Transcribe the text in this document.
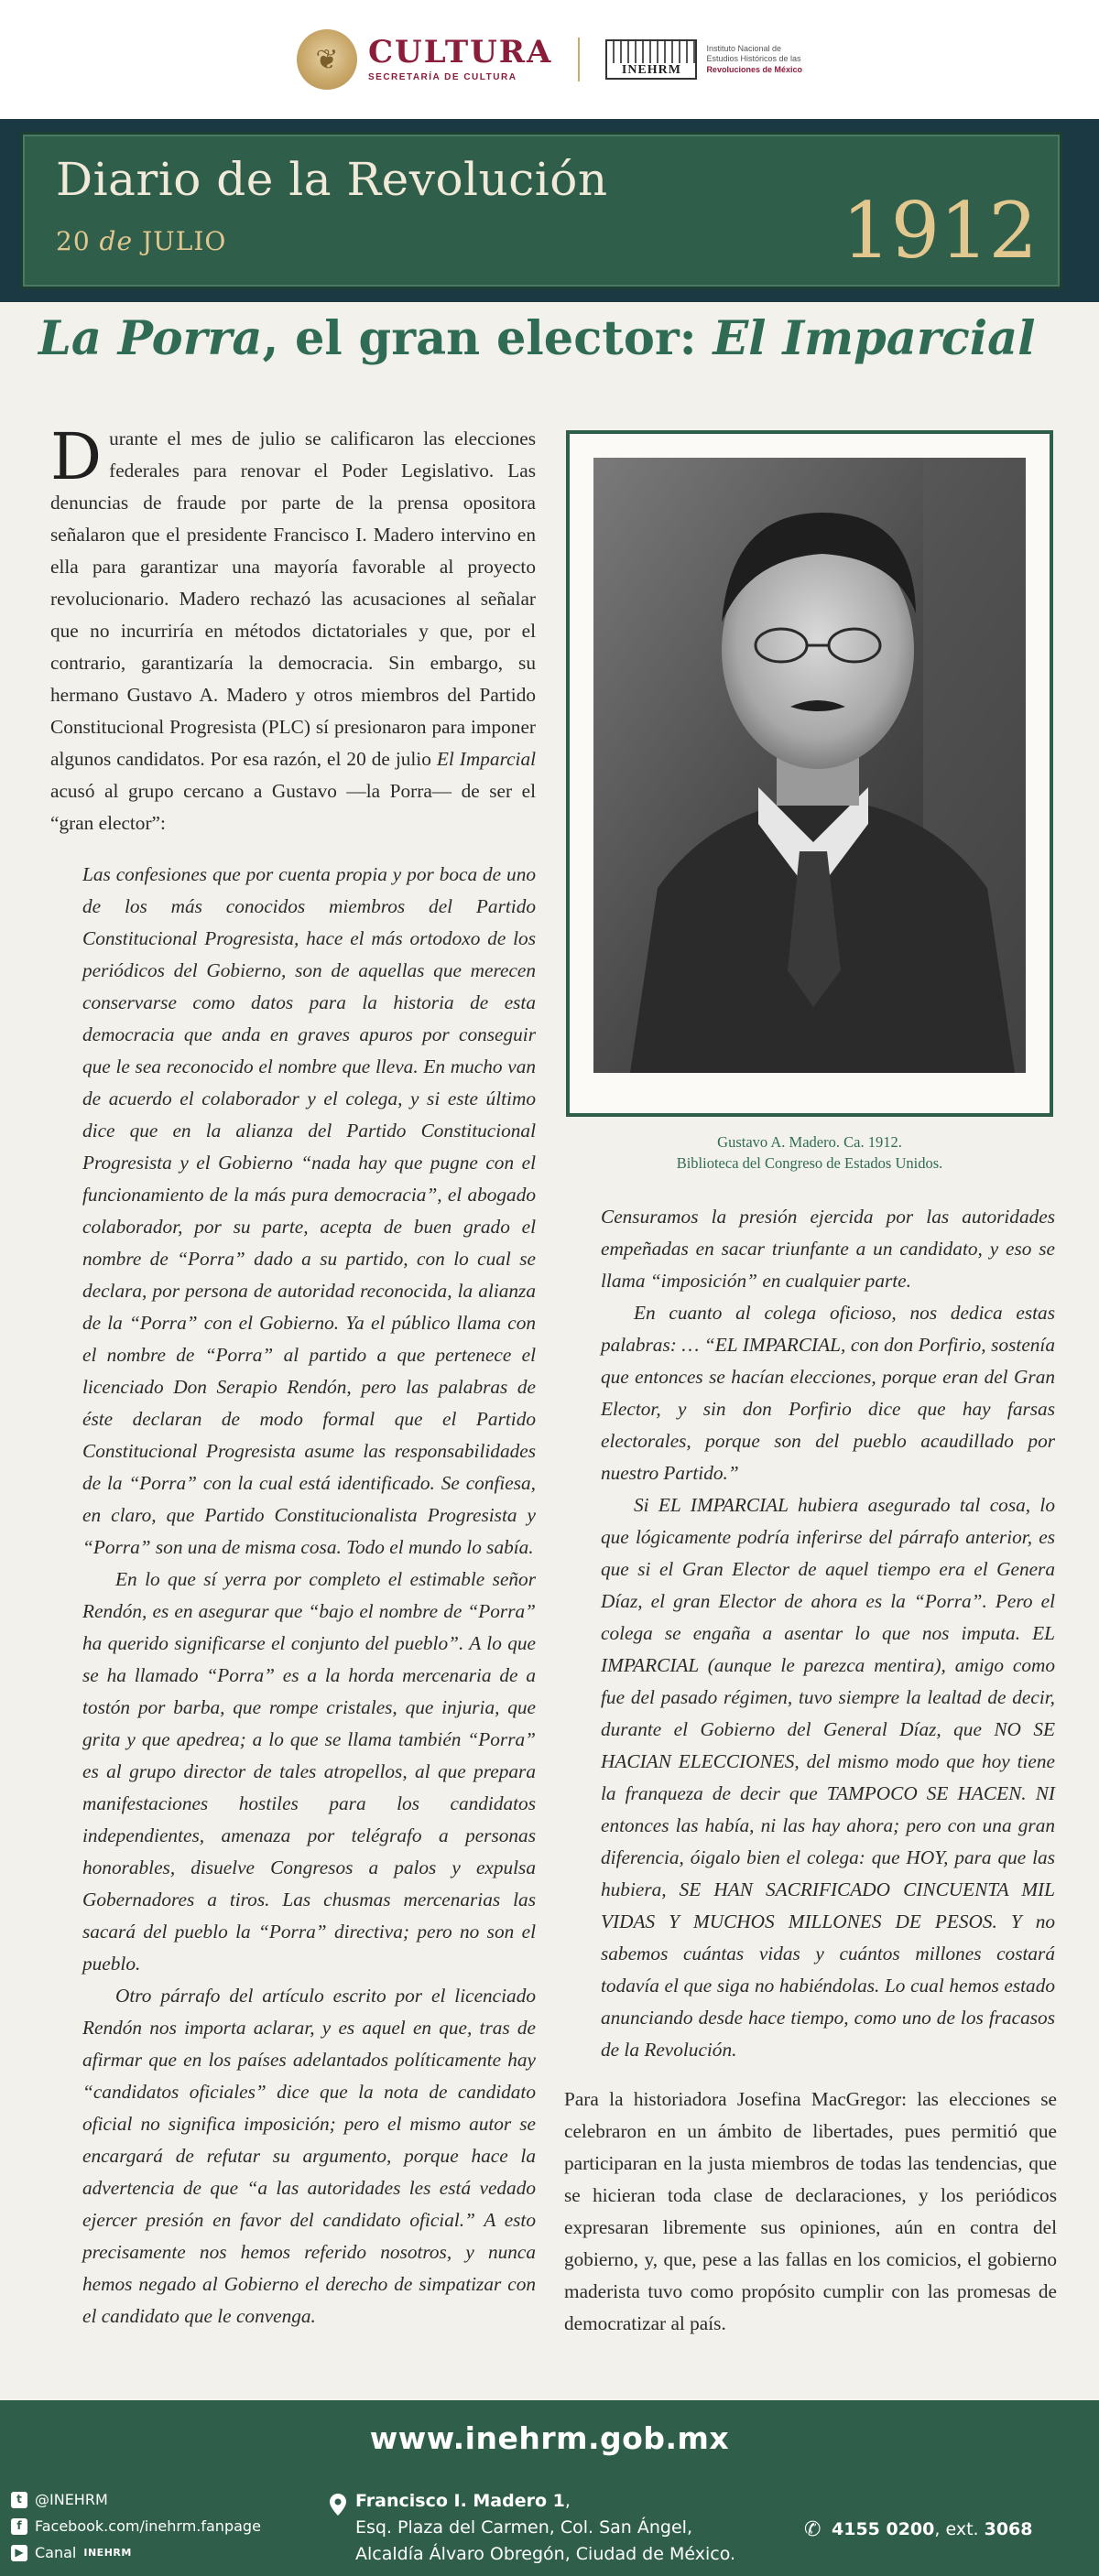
❦ CULTURA
SECRETARÍA DE CULTURA
INEHRM
Instituto Nacional de
Estudios Históricos de las
Revoluciones de México
Diario de la Revolución
20 de JULIO	1912
La Porra, el gran elector: El Imparcial

Durante el mes de julio se calificaron las elecciones federales para renovar el Poder Legislativo. Las denuncias de fraude por parte de la prensa opositora señalaron que el presidente Francisco I. Madero intervino en ella para garantizar una mayoría favorable al proyecto revolucionario. Madero rechazó las acusaciones al señalar que no incurriría en métodos dictatoriales y que, por el contrario, garantizaría la democracia. Sin embargo, su hermano Gustavo A. Madero y otros miembros del Partido Constitucional Progresista (PLC) sí presionaron para imponer algunos candidatos. Por esa razón, el 20 de julio El Imparcial acusó al grupo cercano a Gustavo —la Porra— de ser el “gran elector”:

Las confesiones que por cuenta propia y por boca de uno de los más conocidos miembros del Partido Constitucional Progresista, hace el más ortodoxo de los periódicos del Gobierno, son de aquellas que merecen conservarse como datos para la historia de esta democracia que anda en graves apuros por conseguir que le sea reconocido el nombre que lleva. En mucho van de acuerdo el colaborador y el colega, y si este último dice que en la alianza del Partido Constitucional Progresista y el Gobierno “nada hay que pugne con el funcionamiento de la más pura democracia”, el abogado colaborador, por su parte, acepta de buen grado el nombre de “Porra” dado a su partido, con lo cual se declara, por persona de autoridad reconocida, la alianza de la “Porra” con el Gobierno. Ya el público llama con el nombre de “Porra” al partido a que pertenece el licenciado Don Serapio Rendón, pero las palabras de éste declaran de modo formal que el Partido Constitucional Progresista asume las responsabilidades de la “Porra” con la cual está identificado. Se confiesa, en claro, que Partido Constitucionalista Progresista y “Porra” son una de misma cosa. Todo el mundo lo sabía.

En lo que sí yerra por completo el estimable señor Rendón, es en asegurar que “bajo el nombre de “Porra” ha querido significarse el conjunto del pueblo”. A lo que se ha llamado “Porra” es a la horda mercenaria de a tostón por barba, que rompe cristales, que injuria, que grita y que apedrea; a lo que se llama también “Porra” es al grupo director de tales atropellos, al que prepara manifestaciones hostiles para los candidatos independientes, amenaza por telégrafo a personas honorables, disuelve Congresos a palos y expulsa Gobernadores a tiros. Las chusmas mercenarias las sacará del pueblo la “Porra” directiva; pero no son el pueblo.

Otro párrafo del artículo escrito por el licenciado Rendón nos importa aclarar, y es aquel en que, tras de afirmar que en los países adelantados políticamente hay “candidatos oficiales” dice que la nota de candidato oficial no significa imposición; pero el mismo autor se encargará de refutar su argumento, porque hace la advertencia de que “a las autoridades les está vedado ejercer presión en favor del candidato oficial.” A esto precisamente nos hemos referido nosotros, y nunca hemos negado al Gobierno el derecho de simpatizar con el candidato que le convenga.

Gustavo A. Madero. Ca. 1912.
Biblioteca del Congreso de Estados Unidos.

Censuramos la presión ejercida por las autoridades empeñadas en sacar triunfante a un candidato, y eso se llama “imposición” en cualquier parte.

En cuanto al colega oficioso, nos dedica estas palabras: … “EL IMPARCIAL, con don Porfirio, sostenía que entonces se hacían elecciones, porque eran del Gran Elector, y sin don Porfirio dice que hay farsas electorales, porque son del pueblo acaudillado por nuestro Partido.”

Si EL IMPARCIAL hubiera asegurado tal cosa, lo que lógicamente podría inferirse del párrafo anterior, es que si el Gran Elector de aquel tiempo era el Genera Díaz, el gran Elector de ahora es la “Porra”. Pero el colega se engaña a asentar lo que nos imputa. EL IMPARCIAL (aunque le parezca mentira), amigo como fue del pasado régimen, tuvo siempre la lealtad de decir, durante el Gobierno del General Díaz, que NO SE HACIAN ELECCIONES, del mismo modo que hoy tiene la franqueza de decir que TAMPOCO SE HACEN. NI entonces las había, ni las hay ahora; pero con una gran diferencia, óigalo bien el colega: que HOY, para que las hubiera, SE HAN SACRIFICADO CINCUENTA MIL VIDAS Y MUCHOS MILLONES DE PESOS. Y no sabemos cuántas vidas y cuántos millones costará todavía el que siga no habiéndolas. Lo cual hemos estado anunciando desde hace tiempo, como uno de los fracasos de la Revolución.

Para la historiadora Josefina MacGregor: las elecciones se celebraron en un ámbito de libertades, pues permitió que participaran en la justa miembros de todas las tendencias, que se hicieran toda clase de declaraciones, y los periódicos expresaran libremente sus opiniones, aún en contra del gobierno, y, que, pese a las fallas en los comicios, el gobierno maderista tuvo como propósito cumplir con las promesas de democratizar al país.

www.inehrm.gob.mx
t @INEHRM
f Facebook.com/inehrm.fanpage
▶ Canal INEHRM
Francisco I. Madero 1,
Esq. Plaza del Carmen, Col. San Ángel,
Alcaldía Álvaro Obregón, Ciudad de México.
✆ 4155 0200, ext. 3068
